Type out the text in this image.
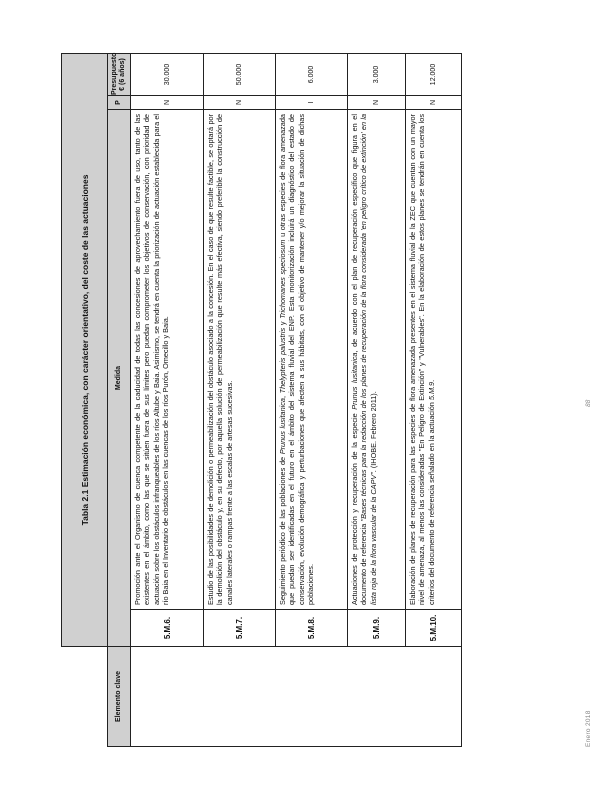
	Tabla 2.1 Estimación económica, con carácter orientativo, del coste de las actuaciones			
Elemento clave	Medida		P	Presupuesto € (6 años)
	5.M.6.	Promoción ante el Organismo de cuenca competente de la caducidad de todas las concesiones de aprovechamiento fuera de uso, tanto de las existentes en el ámbito, como las que se sitúen fuera de sus límites pero puedan comprometer los objetivos de conservación, con prioridad de actuación sobre los obstáculos infranqueables de los ríos Altube y Baia. Asimismo, se tendrá en cuenta la priorización de actuación establecida para el río Baia en el Inventario de obstáculos en las cuencas de los ríos Purón, Omecillo y Baia.	N	30.000
	5.M.7.	Estudio de las posibilidades de demolición o permeabilización del obstáculo asociado a la concesión. En el caso de que resulte factible, se optará por la demolición del obstáculo y, en su defecto, por aquella solución de permeabilización que resulte más efectiva, siendo preferible la construcción de canales laterales o rampas frente a las escalas de artesas sucesivas.	N	50.000
	5.M.8.	Seguimiento periódico de las poblaciones de Prunus lusitanica, Thelypteris palustris y Trichomanes speciosum u otras especies de flora amenazada que puedan ser identificadas en el futuro en el ámbito del sistema fluvial del ENP. Esta monitorización incluirá un diagnóstico del estado de conservación, evolución demográfica y perturbaciones que afecten a sus hábitats, con el objetivo de mantener y/o mejorar la situación de dichas poblaciones.	I	6.000
	5.M.9.	Actuaciones de protección y recuperación de la especie Prunus lusitanica, de acuerdo con el plan de recuperación específico que figura en el documento de referencia "Bases técnicas para la redacción de los planes de recuperación de la flora considerada 'en peligro crítico de extinción' en la lista roja de la flora vascular de la CAPV". (IHOBE. Febrero 2011).	N	3.000
	5.M.10.	Elaboración de planes de recuperación para las especies de flora amenazada presentes en el sistema fluvial de la ZEC que cuentan con un mayor nivel de amenaza, al menos las consideradas "En Peligro de Extinción" y "Vulnerables". En la elaboración de estos planes se tendrán en cuenta los criterios del documento de referencia señalado en la actuación 5.M.9.	N	12.000
Enero 2018
88
